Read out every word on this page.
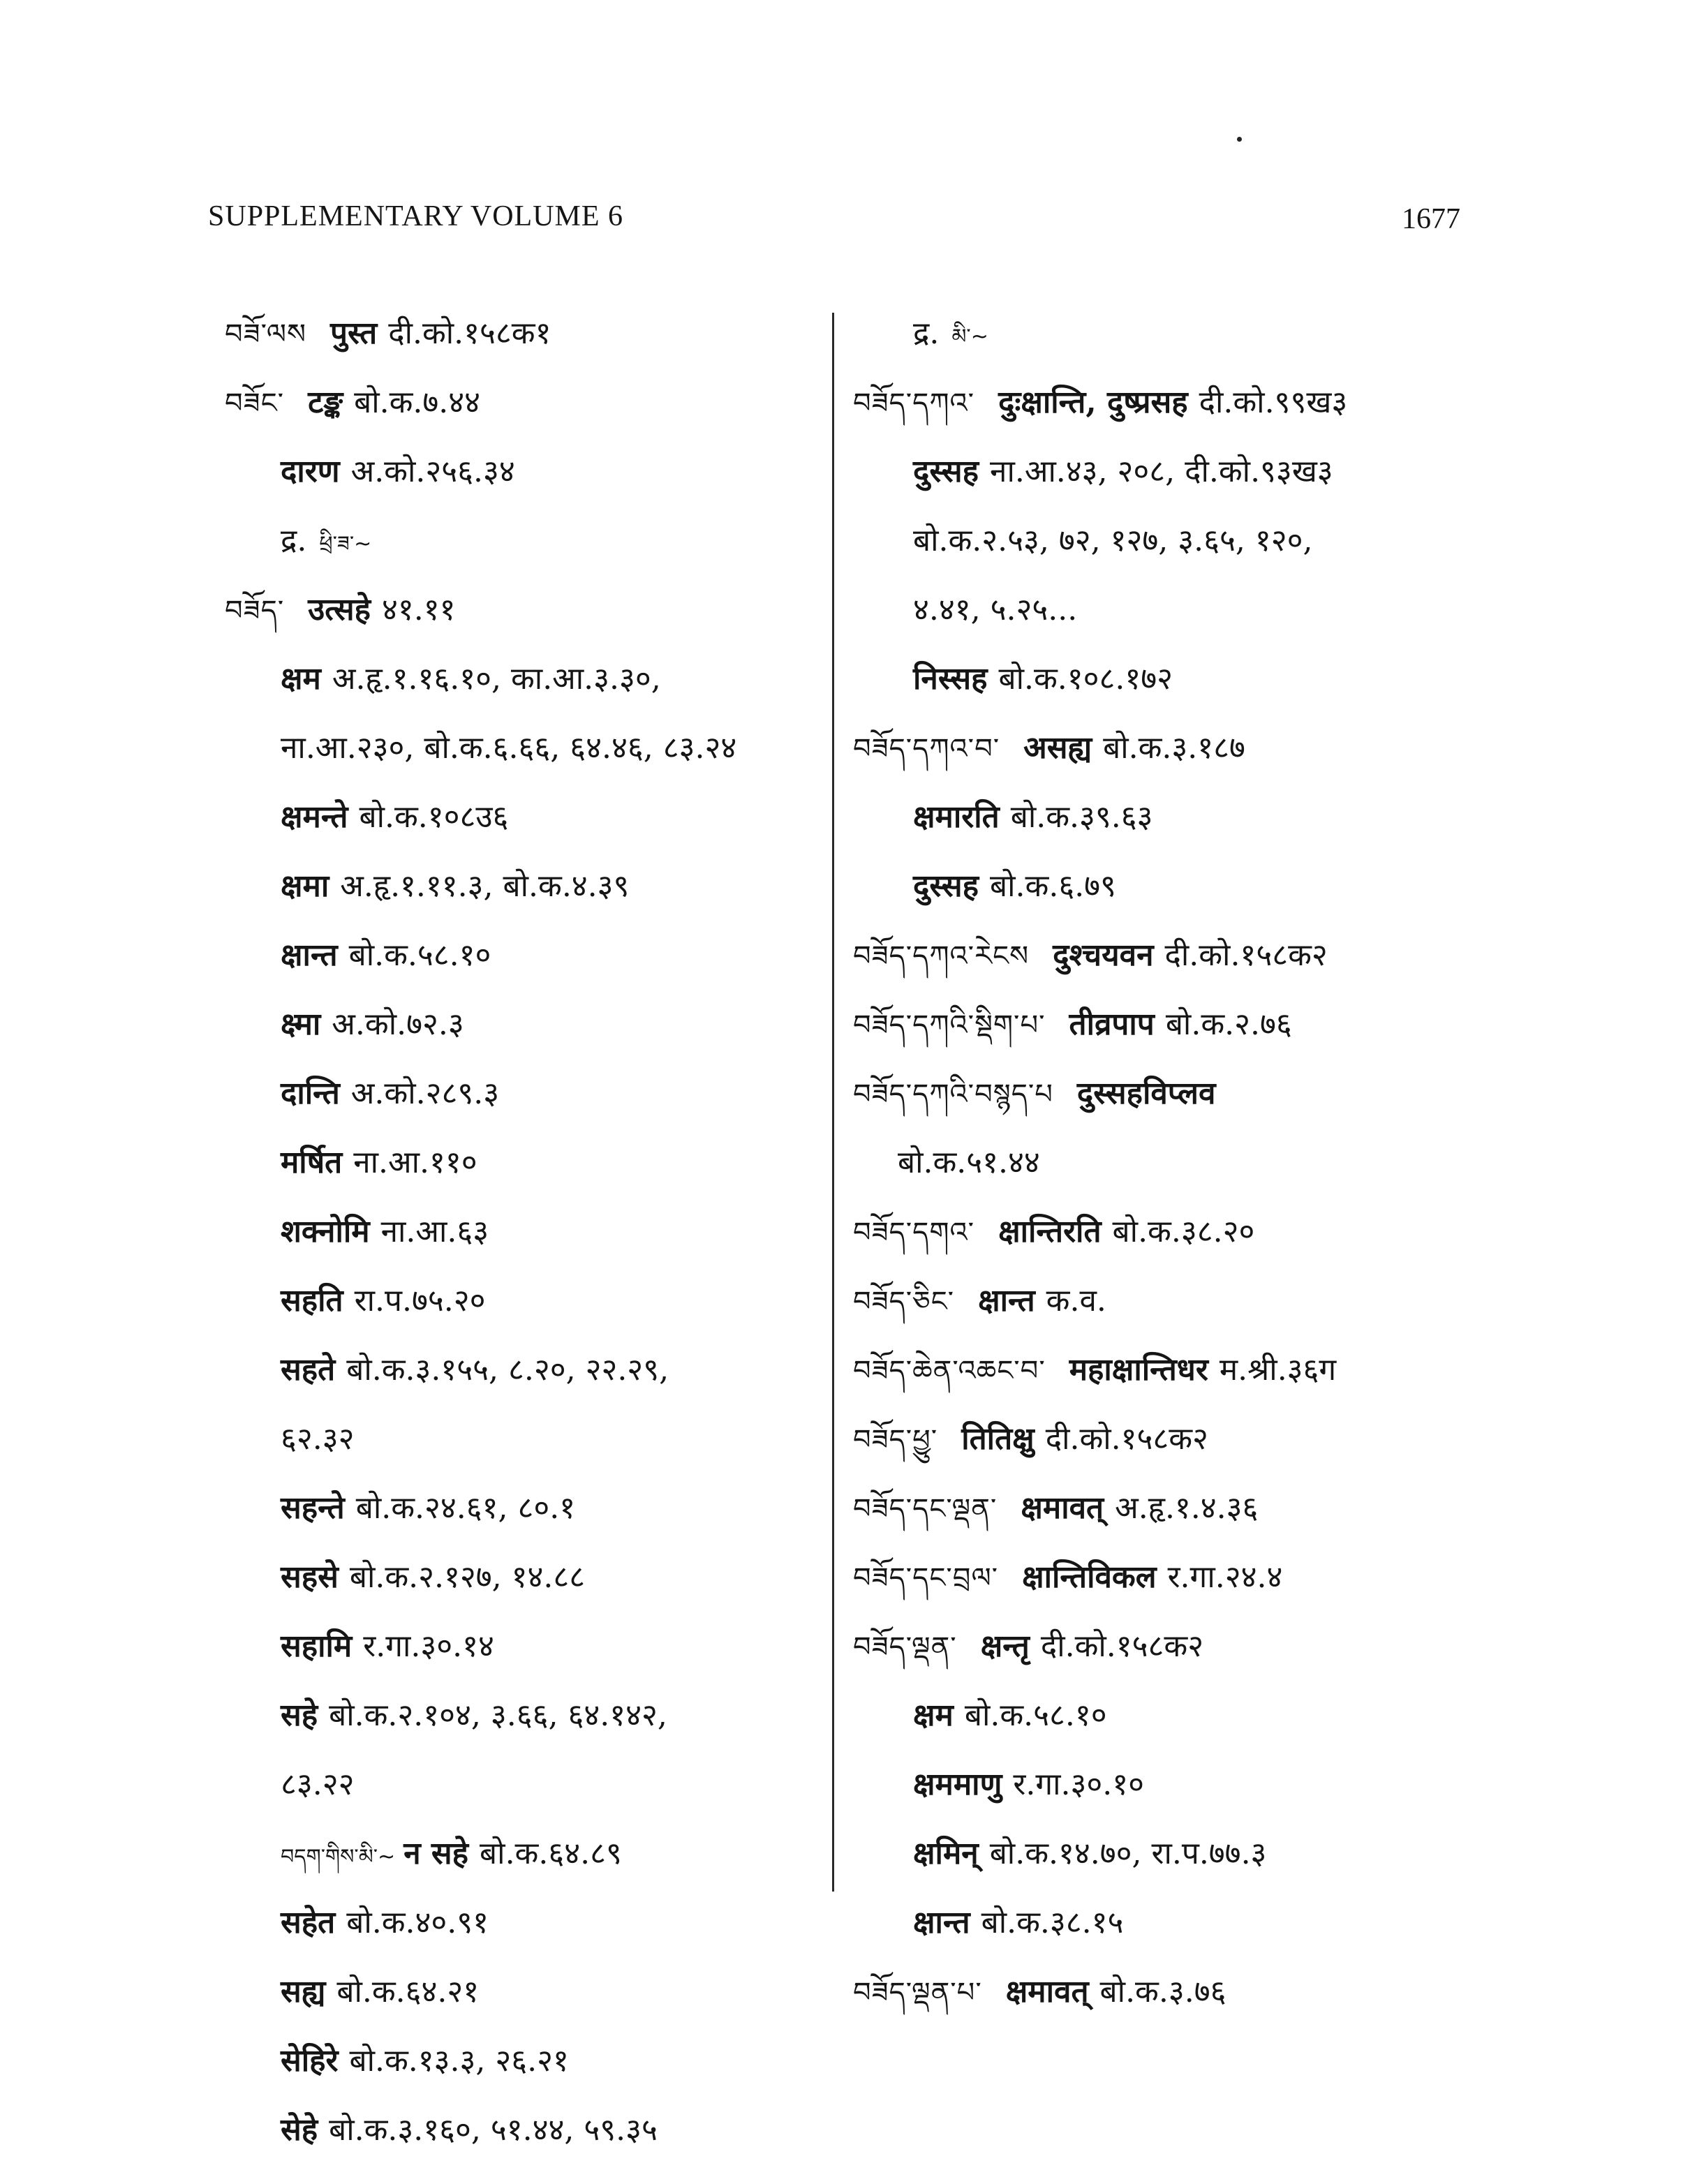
SUPPLEMENTARY VOLUME 6	1677
བཟོ་ལས पुस्त दी.को.१५८क१
བཟོང་ टङ्क बो.क.७.४४
दारण अ.को.२५६.३४
द्र. ཕྲི་ཟ་~
བཟོད་ उत्सहे ४१.११
क्षम अ.हृ.१.१६.१०, का.आ.३.३०,
ना.आ.२३०, बो.क.६.६६, ६४.४६, ८३.२४
क्षमन्ते बो.क.१०८उ६
क्षमा अ.हृ.१.११.३, बो.क.४.३९
क्षान्त बो.क.५८.१०
क्ष्मा अ.को.७२.३
दान्ति अ.को.२८९.३
मर्षित ना.आ.११०
शक्नोमि ना.आ.६३
सहति रा.प.७५.२०
सहते बो.क.३.१५५, ८.२०, २२.२९,
६२.३२
सहन्ते बो.क.२४.६१, ८०.१
सहसे बो.क.२.१२७, १४.८८
सहामि र.गा.३०.१४
सहे बो.क.२.१०४, ३.६६, ६४.१४२,
८३.२२
བདག་གིས་མི་~ न सहे बो.क.६४.८९
सहेत बो.क.४०.९१
सह्य बो.क.६४.२१
सेहिरे बो.क.१३.३, २६.२१
सेहे बो.क.३.१६०, ५१.४४, ५९.३५
द्र. མི་~
བཟོད་དཀའ་ दुःक्षान्ति, दुष्प्रसह दी.को.९९ख३
दुस्सह ना.आ.४३, २०८, दी.को.९३ख३
बो.क.२.५३, ७२, १२७, ३.६५, १२०,
४.४१, ५.२५...
निस्सह बो.क.१०८.१७२
བཟོད་དཀའ་བ་ असह्य बो.क.३.१८७
क्षमारति बो.क.३९.६३
दुस्सह बो.क.६.७९
བཟོད་དཀའ་རེངས दुश्चयवन दी.को.१५८क२
བཟོད་དཀའི་སྡིག་པ་ तीव्रपाप बो.क.२.७६
བཟོད་དཀའི་བསྙད་པ दुस्सहविप्लव
बो.क.५१.४४
བཟོད་དགའ་ क्षान्तिरति बो.क.३८.२०
བཟོད་ཅིང་ क्षान्त क.व.
བཟོད་ཆེན་འཆང་བ་ महाक्षान्तिधर म.श्री.३६ग
བཟོད་ཕྱུ་ तितिक्षु दी.को.१५८क२
བཟོད་དང་ལྡན་ क्षमावत् अ.हृ.१.४.३६
བཟོད་དང་བྲལ་ क्षान्तिविकल र.गा.२४.४
བཟོད་ལྡན་ क्षन्तृ दी.को.१५८क२
क्षम बो.क.५८.१०
क्षममाणु र.गा.३०.१०
क्षमिन् बो.क.१४.७०, रा.प.७७.३
क्षान्त बो.क.३८.१५
བཟོད་ལྡན་པ་ क्षमावत् बो.क.३.७६
